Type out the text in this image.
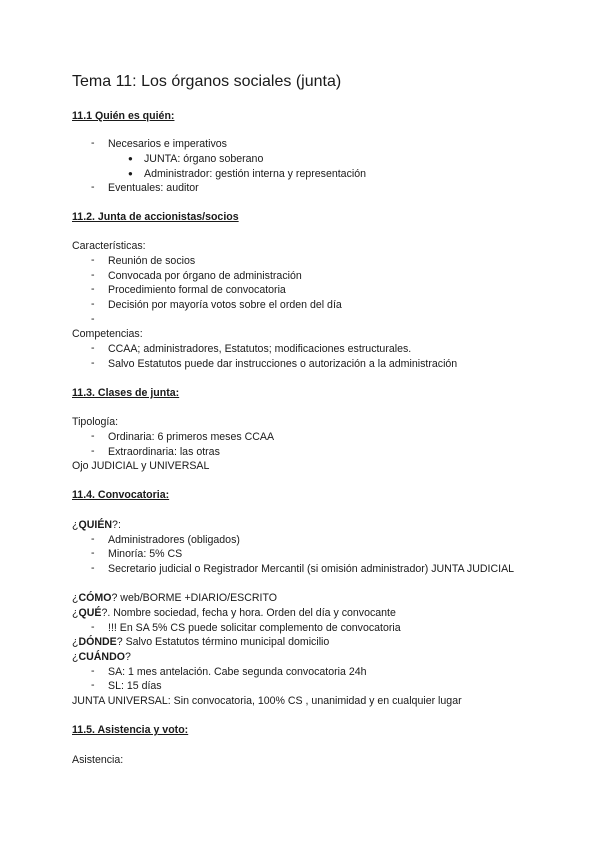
Tema 11: Los órganos sociales (junta)
11.1 Quién es quién:
- Necesarios e imperativos
● JUNTA: órgano soberano
● Administrador: gestión interna y representación
- Eventuales: auditor
11.2. Junta de accionistas/socios
Características:
- Reunión de socios
- Convocada por órgano de administración
- Procedimiento formal de convocatoria
- Decisión por mayoría votos sobre el orden del día
-
Competencias:
- CCAA; administradores, Estatutos; modificaciones estructurales.
- Salvo Estatutos puede dar instrucciones o autorización a la administración
11.3. Clases de junta:
Tipología:
- Ordinaria: 6 primeros meses CCAA
- Extraordinaria: las otras
Ojo JUDICIAL y UNIVERSAL
11.4. Convocatoria:
¿QUIÉN?:
- Administradores (obligados)
- Minoría: 5% CS
- Secretario judicial o Registrador Mercantil (si omisión administrador) JUNTA JUDICIAL
¿CÓMO? web/BORME +DIARIO/ESCRITO
¿QUÉ?. Nombre sociedad, fecha y hora. Orden del día y convocante
- !!! En SA 5% CS puede solicitar complemento de convocatoria
¿DÓNDE? Salvo Estatutos término municipal domicilio
¿CUÁNDO?
- SA: 1 mes antelación. Cabe segunda convocatoria 24h
- SL: 15 días
JUNTA UNIVERSAL: Sin convocatoria, 100% CS , unanimidad y en cualquier lugar
11.5. Asistencia y voto:
Asistencia:
